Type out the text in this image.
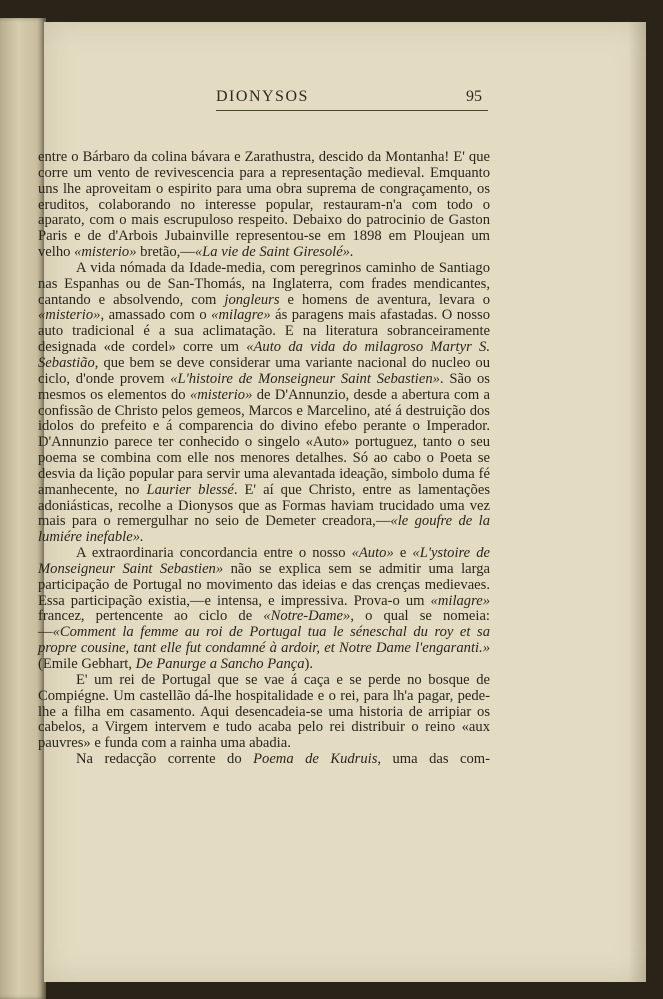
DIONYSOS	95

entre o Bárbaro da colina bávara e Zarathustra, descido da Montanha! E' que corre um vento de revivescencia para a representação medieval. Emquanto uns lhe aproveitam o espirito para uma obra suprema de congraçamento, os eruditos, colaborando no interesse popular, restauram-n'a com todo o aparato, com o mais escrupuloso respeito. Debaixo do patrocinio de Gaston Paris e de d'Arbois Jubainville representou-se em 1898 em Ploujean um velho «misterio» bretão,—«La vie de Saint Giresolé».

A vida nómada da Idade-media, com peregrinos caminho de Santiago nas Espanhas ou de San-Thomás, na Inglaterra, com frades mendicantes, cantando e absolvendo, com jongleurs e homens de aventura, levara o «misterio», amassado com o «milagre» ás paragens mais afastadas. O nosso auto tradicional é a sua aclimatação. E na literatura sobranceiramente designada «de cordel» corre um «Auto da vida do milagroso Martyr S. Sebastião, que bem se deve considerar uma variante nacional do nucleo ou ciclo, d'onde provem «L'histoire de Monseigneur Saint Sebastien». São os mesmos os elementos do «misterio» de D'Annunzio, desde a abertura com a confissão de Christo pelos gemeos, Marcos e Marcelino, até á destruição dos idolos do prefeito e á comparencia do divino efebo perante o Imperador. D'Annunzio parece ter conhecido o singelo «Auto» portuguez, tanto o seu poema se combina com elle nos menores detalhes. Só ao cabo o Poeta se desvia da lição popular para servir uma alevantada ideação, simbolo duma fé amanhecente, no Laurier blessé. E' aí que Christo, entre as lamentações adoniásticas, recolhe a Dionysos que as Formas haviam trucidado uma vez mais para o remergulhar no seio de Demeter creadora,—«le goufre de la lumiére inefable».

A extraordinaria concordancia entre o nosso «Auto» e «L'ystoire de Monseigneur Saint Sebastien» não se explica sem se admitir uma larga participação de Portugal no movimento das ideias e das crenças medievaes. Essa participação existia,—e intensa, e impressiva. Prova-o um «milagre» francez, pertencente ao ciclo de «Notre-Dame», o qual se nomeia:—«Comment la femme au roi de Portugal tua le séneschal du roy et sa propre cousine, tant elle fut condamné à ardoir, et Notre Dame l'engaranti.» (Emile Gebhart, De Panurge a Sancho Pança).

E' um rei de Portugal que se vae á caça e se perde no bosque de Compiégne. Um castellão dá-lhe hospitalidade e o rei, para lh'a pagar, pede-lhe a filha em casamento. Aqui desencadeia-se uma historia de arripiar os cabelos, a Virgem intervem e tudo acaba pelo rei distribuir o reino «aux pauvres» e funda com a rainha uma abadia.

Na redacção corrente do Poema de Kudruis, uma das com-
